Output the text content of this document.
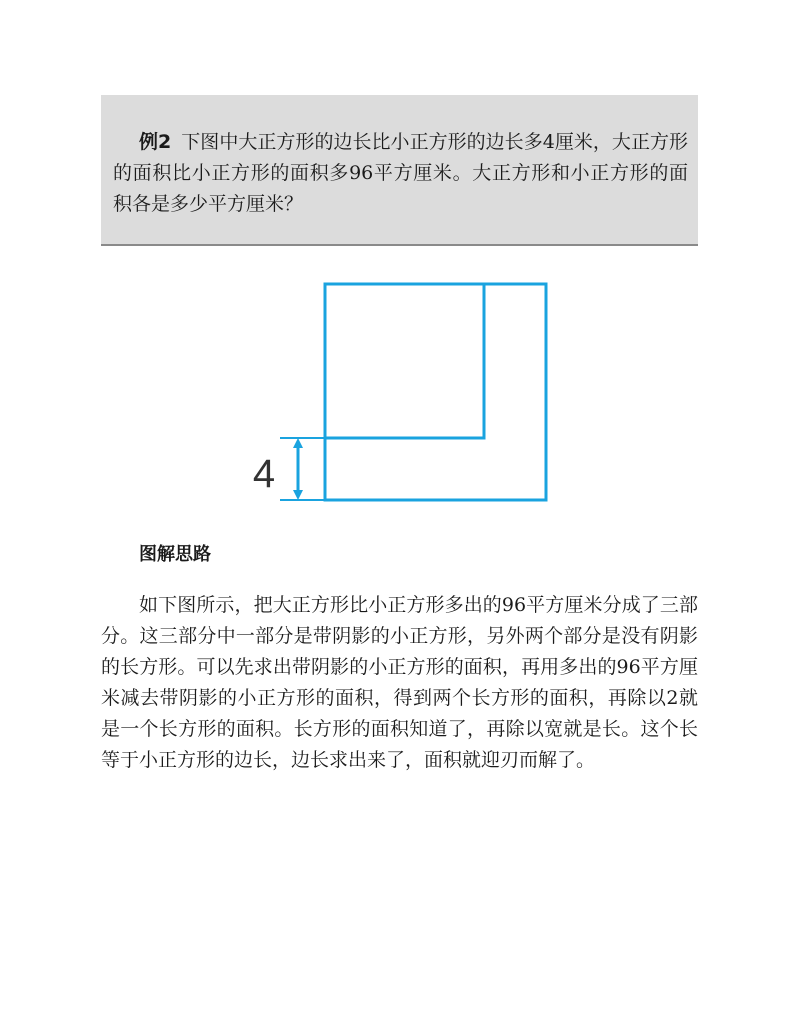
例2 下图中大正方形的边长比小正方形的边长多4厘米，大正方形的面积比小正方形的面积多96平方厘米。大正方形和小正方形的面积各是多少平方厘米？
4
图解思路
如下图所示，把大正方形比小正方形多出的96平方厘米分成了三部分。这三部分中一部分是带阴影的小正方形，另外两个部分是没有阴影的长方形。可以先求出带阴影的小正方形的面积，再用多出的96平方厘米减去带阴影的小正方形的面积，得到两个长方形的面积，再除以2就是一个长方形的面积。长方形的面积知道了，再除以宽就是长。这个长等于小正方形的边长，边长求出来了，面积就迎刃而解了。
